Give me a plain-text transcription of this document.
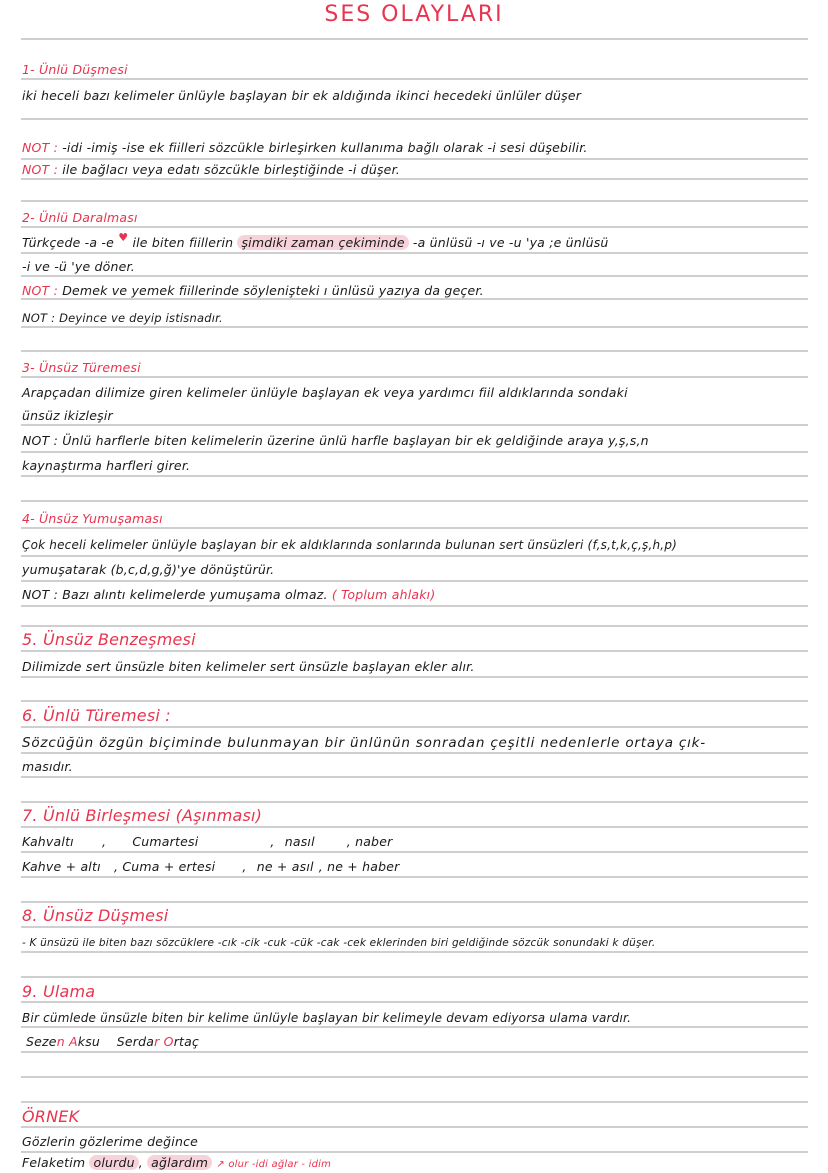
SES OLAYLARI
1- Ünlü Düşmesi
iki heceli bazı kelimeler ünlüyle başlayan bir ek aldığında ikinci hecedeki ünlüler düşer
NOT : -idi -imiş -ise ek fiilleri sözcükle birleşirken kullanıma bağlı olarak -i sesi düşebilir.
NOT : ile bağlacı veya edatı sözcükle birleştiğinde -i düşer.
2- Ünlü Daralması
Türkçede -a -e ♥ ile biten fiillerin şimdiki zaman çekiminde -a ünlüsü -ı ve -u 'ya ;e ünlüsü
-i ve -ü 'ye döner.
NOT : Demek ve yemek fiillerinde söylenişteki ı ünlüsü yazıya da geçer.
NOT : Deyince ve deyip istisnadır.
3- Ünsüz Türemesi
Arapçadan dilimize giren kelimeler ünlüyle başlayan ek veya yardımcı fiil aldıklarında sondaki
ünsüz ikizleşir
NOT : Ünlü harflerle biten kelimelerin üzerine ünlü harfle başlayan bir ek geldiğinde araya y,ş,s,n
kaynaştırma harfleri girer.
4- Ünsüz Yumuşaması
Çok heceli kelimeler ünlüyle başlayan bir ek aldıklarında sonlarında bulunan sert ünsüzleri (f,s,t,k,ç,ş,h,p)
yumuşatarak (b,c,d,g,ğ)'ye dönüştürür.
NOT : Bazı alıntı kelimelerde yumuşama olmaz. ( Toplum ahlakı)
5. Ünsüz Benzeşmesi
Dilimizde sert ünsüzle biten kelimeler sert ünsüzle başlayan ekler alır.
6. Ünlü Türemesi :
Sözcüğün özgün biçiminde bulunmayan bir ünlünün sonradan çeşitli nedenlerle ortaya çık-
masıdır.
7. Ünlü Birleşmesi (Aşınması)
Kahvaltı , Cumartesi	, nasıl	, naber
Kahve + altı , Cuma + ertesi , ne + asıl , ne + haber
8. Ünsüz Düşmesi
- K ünsüzü ile biten bazı sözcüklere -cık -cik -cuk -cük -cak -cek eklerinden biri geldiğinde sözcük sonundaki k düşer.
9. Ulama
Bir cümlede ünsüzle biten bir kelime ünlüyle başlayan bir kelimeyle devam ediyorsa ulama vardır.
Sezen Aksu Serdar Ortaç
ÖRNEK
Gözlerin gözlerime değince
Felaketim olurdu , ağlardım ↗ olur -idi ağlar - idim
